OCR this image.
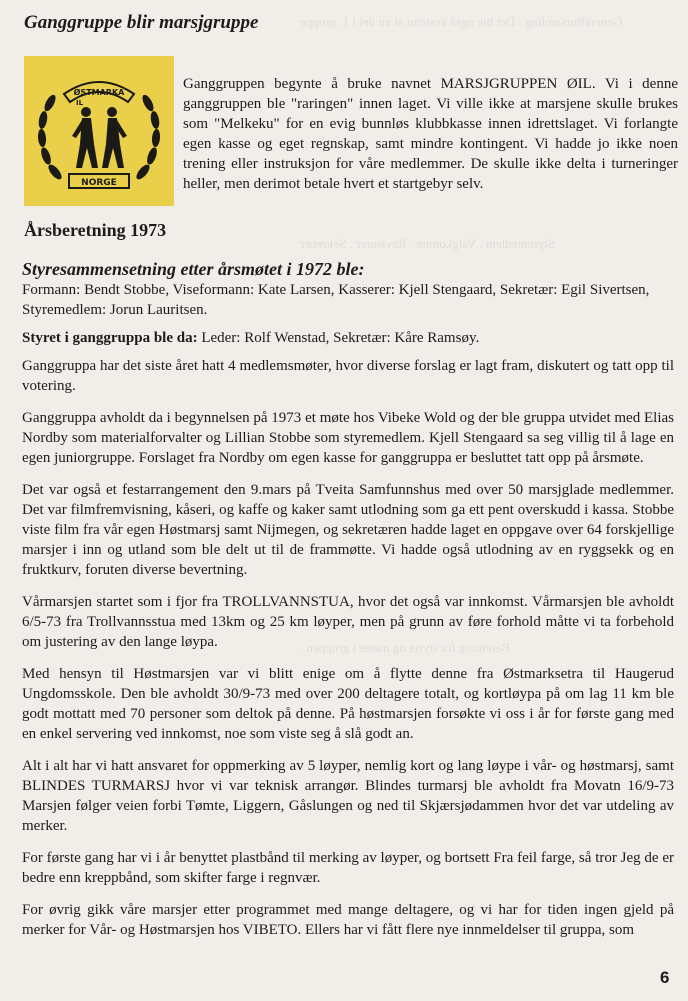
Generalforsamling . Det ble også avstemt at en del i 1. gruppe
Styremedlem . Valgkomite . Revisorer . Sekretær
Beretning fra styret og møter i gruppen .
Ganggruppe blir marsjgruppe
ØSTMARKA
IL
NORGE

Ganggruppen begynte å bruke navnet MARSJGRUPPEN ØIL. Vi i denne ganggruppen ble "raringen" innen laget. Vi ville ikke at marsjene skulle brukes som "Melkeku" for en evig bunnløs klubbkasse innen idrettslaget. Vi forlangte egen kasse og eget regnskap, samt mindre kontingent. Vi hadde jo ikke noen trening eller instruksjon for våre medlemmer. De skulle ikke delta i turneringer heller, men derimot betale hvert et startgebyr selv.

Årsberetning 1973
Styresammensetning etter årsmøtet i 1972 ble:

Formann: Bendt Stobbe, Viseformann: Kate Larsen, Kasserer: Kjell Stengaard, Sekretær: Egil Sivertsen, Styremedlem: Jorun Lauritsen.

Styret i ganggruppa ble da: Leder: Rolf Wenstad, Sekretær: Kåre Ramsøy.

Ganggruppa har det siste året hatt 4 medlemsmøter, hvor diverse forslag er lagt fram, diskutert og tatt opp til votering.

Ganggruppa avholdt da i begynnelsen på 1973 et møte hos Vibeke Wold og der ble gruppa utvidet med Elias Nordby som materialforvalter og Lillian Stobbe som styremedlem. Kjell Stengaard sa seg villig til å lage en egen juniorgruppe. Forslaget fra Nordby om egen kasse for ganggruppa er besluttet tatt opp på årsmøte.

Det var også et festarrangement den 9.mars på Tveita Samfunnshus med over 50 marsjglade medlemmer. Det var filmfremvisning, kåseri, og kaffe og kaker samt utlodning som ga ett pent overskudd i kassa. Stobbe viste film fra vår egen Høstmarsj samt Nijmegen, og sekretæren hadde laget en oppgave over 64 forskjellige marsjer i inn og utland som ble delt ut til de frammøtte. Vi hadde også utlodning av en ryggsekk og en fruktkurv, foruten diverse bevertning.

Vårmarsjen startet som i fjor fra TROLLVANNSTUA, hvor det også var innkomst. Vårmarsjen ble avholdt 6/5-73 fra Trollvannsstua med 13km og 25 km løyper, men på grunn av føre forhold måtte vi ta forbehold om justering av den lange løypa.

Med hensyn til Høstmarsjen var vi blitt enige om å flytte denne fra Østmarksetra til Haugerud Ungdomsskole. Den ble avholdt 30/9-73 med over 200 deltagere totalt, og kortløypa på om lag 11 km ble godt mottatt med 70 personer som deltok på denne. På høstmarsjen forsøkte vi oss i år for første gang med en enkel servering ved innkomst, noe som viste seg å slå godt an.

Alt i alt har vi hatt ansvaret for oppmerking av 5 løyper, nemlig kort og lang løype i vår- og høstmarsj, samt BLINDES TURMARSJ hvor vi var teknisk arrangør. Blindes turmarsj ble avholdt fra Movatn 16/9-73 Marsjen følger veien forbi Tømte, Liggern, Gåslungen og ned til Skjærsjødammen hvor det var utdeling av merker.

For første gang har vi i år benyttet plastbånd til merking av løyper, og bortsett Fra feil farge, så tror Jeg de er bedre enn kreppbånd, som skifter farge i regnvær.

For øvrig gikk våre marsjer etter programmet med mange deltagere, og vi har for tiden ingen gjeld på merker for Vår- og Høstmarsjen hos VIBETO. Ellers har vi fått flere nye innmeldelser til gruppa, som

6
